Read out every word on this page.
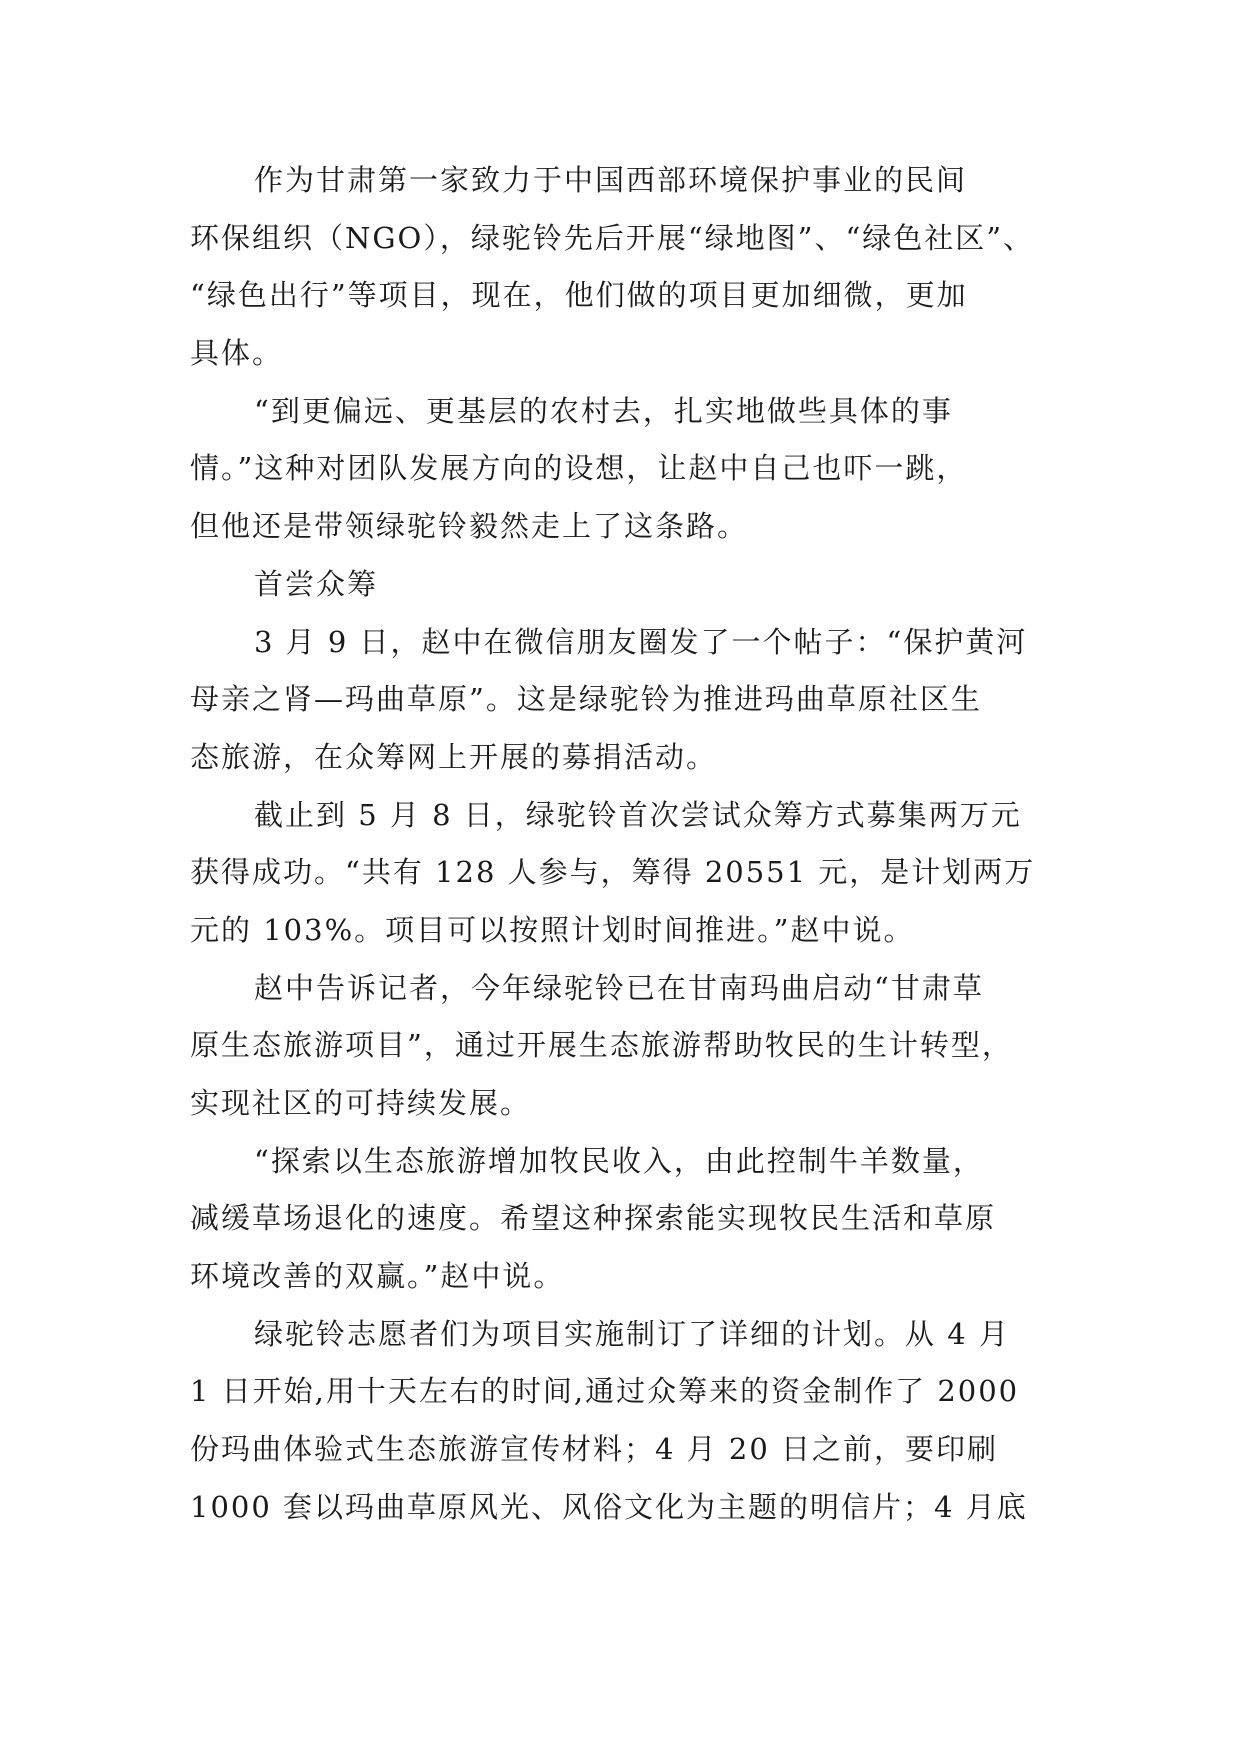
作为甘肃第一家致力于中国西部环境保护事业的民间
环保组织（NGO），绿驼铃先后开展“绿地图”、“绿色社区”、
“绿色出行”等项目，现在，他们做的项目更加细微，更加
具体。
“到更偏远、更基层的农村去，扎实地做些具体的事
情。”这种对团队发展方向的设想，让赵中自己也吓一跳，
但他还是带领绿驼铃毅然走上了这条路。
首尝众筹
3 月 9 日，赵中在微信朋友圈发了一个帖子：“保护黄河
母亲之肾—玛曲草原”。这是绿驼铃为推进玛曲草原社区生
态旅游，在众筹网上开展的募捐活动。
截止到 5 月 8 日，绿驼铃首次尝试众筹方式募集两万元
获得成功。“共有 128 人参与，筹得 20551 元，是计划两万
元的 103%。项目可以按照计划时间推进。”赵中说。
赵中告诉记者，今年绿驼铃已在甘南玛曲启动“甘肃草
原生态旅游项目”，通过开展生态旅游帮助牧民的生计转型，
实现社区的可持续发展。
“探索以生态旅游增加牧民收入，由此控制牛羊数量，
减缓草场退化的速度。希望这种探索能实现牧民生活和草原
环境改善的双赢。”赵中说。
绿驼铃志愿者们为项目实施制订了详细的计划。从 4 月
1 日开始,用十天左右的时间,通过众筹来的资金制作了 2000
份玛曲体验式生态旅游宣传材料；4 月 20 日之前，要印刷
1000 套以玛曲草原风光、风俗文化为主题的明信片；4 月底
